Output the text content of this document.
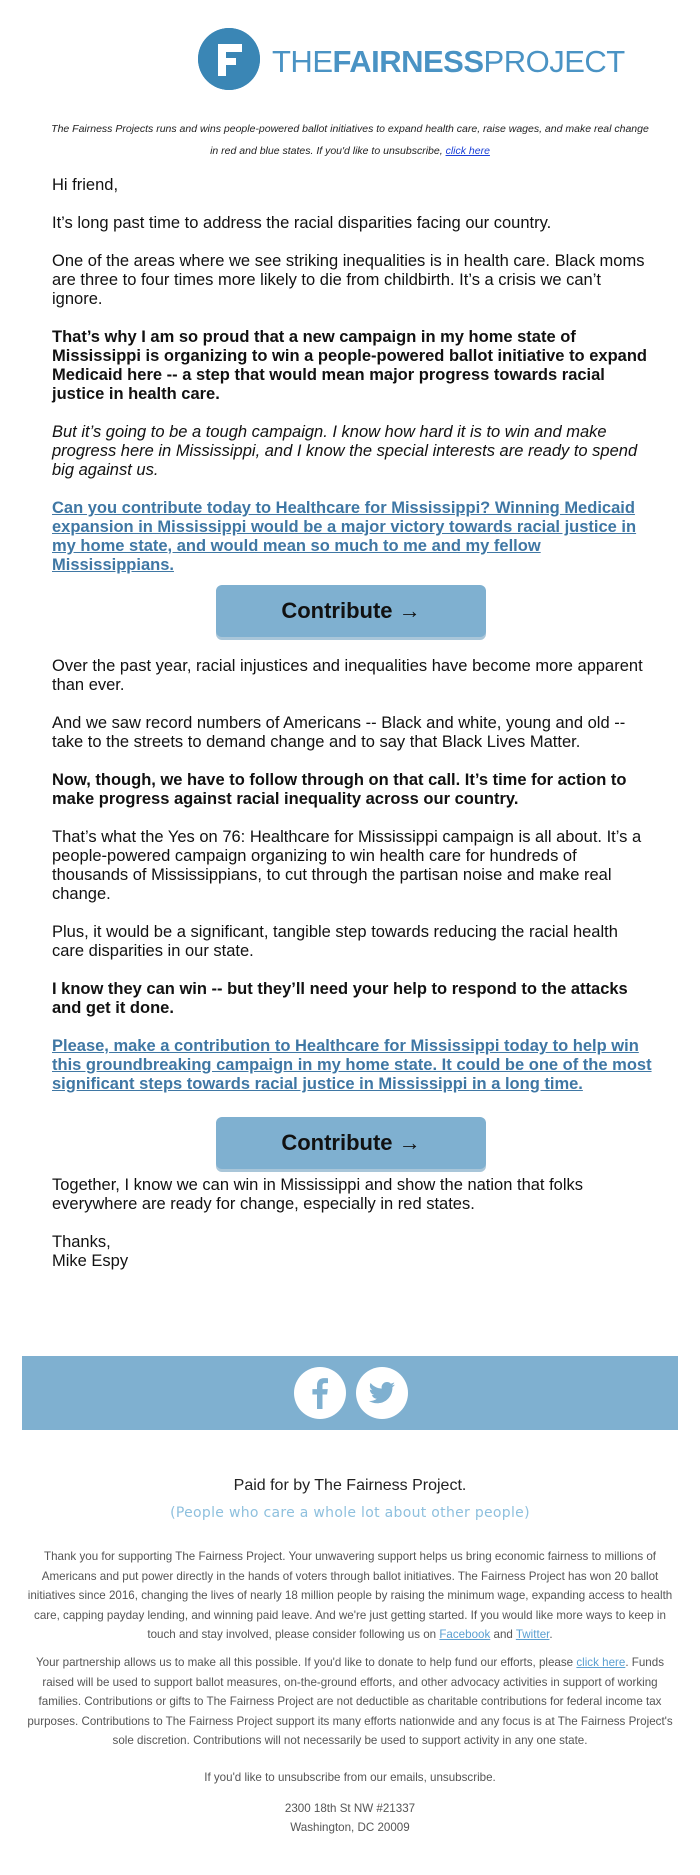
THEFAIRNESSPROJECT
The Fairness Projects runs and wins people-powered ballot initiatives to expand health care, raise wages, and make real change in red and blue states. If you'd like to unsubscribe, click here

Hi friend,

It’s long past time to address the racial disparities facing our country.

One of the areas where we see striking inequalities is in health care. Black moms are three to four times more likely to die from childbirth. It’s a crisis we can’t ignore.

That’s why I am so proud that a new campaign in my home state of Mississippi is organizing to win a people-powered ballot initiative to expand Medicaid here -- a step that would mean major progress towards racial justice in health care.

But it’s going to be a tough campaign. I know how hard it is to win and make progress here in Mississippi, and I know the special interests are ready to spend big against us.

Can you contribute today to Healthcare for Mississippi? Winning Medicaid expansion in Mississippi would be a major victory towards racial justice in my home state, and would mean so much to me and my fellow Mississippians.

Over the past year, racial injustices and inequalities have become more apparent than ever.

And we saw record numbers of Americans -- Black and white, young and old -- take to the streets to demand change and to say that Black Lives Matter.

Now, though, we have to follow through on that call. It’s time for action to make progress against racial inequality across our country.

That’s what the Yes on 76: Healthcare for Mississippi campaign is all about. It’s a people-powered campaign organizing to win health care for hundreds of thousands of Mississippians, to cut through the partisan noise and make real change.

Plus, it would be a significant, tangible step towards reducing the racial health care disparities in our state.

I know they can win -- but they’ll need your help to respond to the attacks and get it done.

Please, make a contribution to Healthcare for Mississippi today to help win this groundbreaking campaign in my home state. It could be one of the most significant steps towards racial justice in Mississippi in a long time.

Together, I know we can win in Mississippi and show the nation that folks everywhere are ready for change, especially in red states.

Thanks,

Mike Espy

Contribute →
Contribute →
Paid for by The Fairness Project.
(People who care a whole lot about other people)
Thank you for supporting The Fairness Project. Your unwavering support helps us bring economic fairness to millions of Americans and put power directly in the hands of voters through ballot initiatives. The Fairness Project has won 20 ballot initiatives since 2016, changing the lives of nearly 18 million people by raising the minimum wage, expanding access to health care, capping payday lending, and winning paid leave. And we're just getting started. If you would like more ways to keep in touch and stay involved, please consider following us on Facebook and Twitter.
Your partnership allows us to make all this possible. If you'd like to donate to help fund our efforts, please click here. Funds raised will be used to support ballot measures, on-the-ground efforts, and other advocacy activities in support of working families. Contributions or gifts to The Fairness Project are not deductible as charitable contributions for federal income tax purposes. Contributions to The Fairness Project support its many efforts nationwide and any focus is at The Fairness Project's sole discretion. Contributions will not necessarily be used to support activity in any one state.
If you'd like to unsubscribe from our emails, unsubscribe.
2300 18th St NW #21337
Washington, DC 20009
